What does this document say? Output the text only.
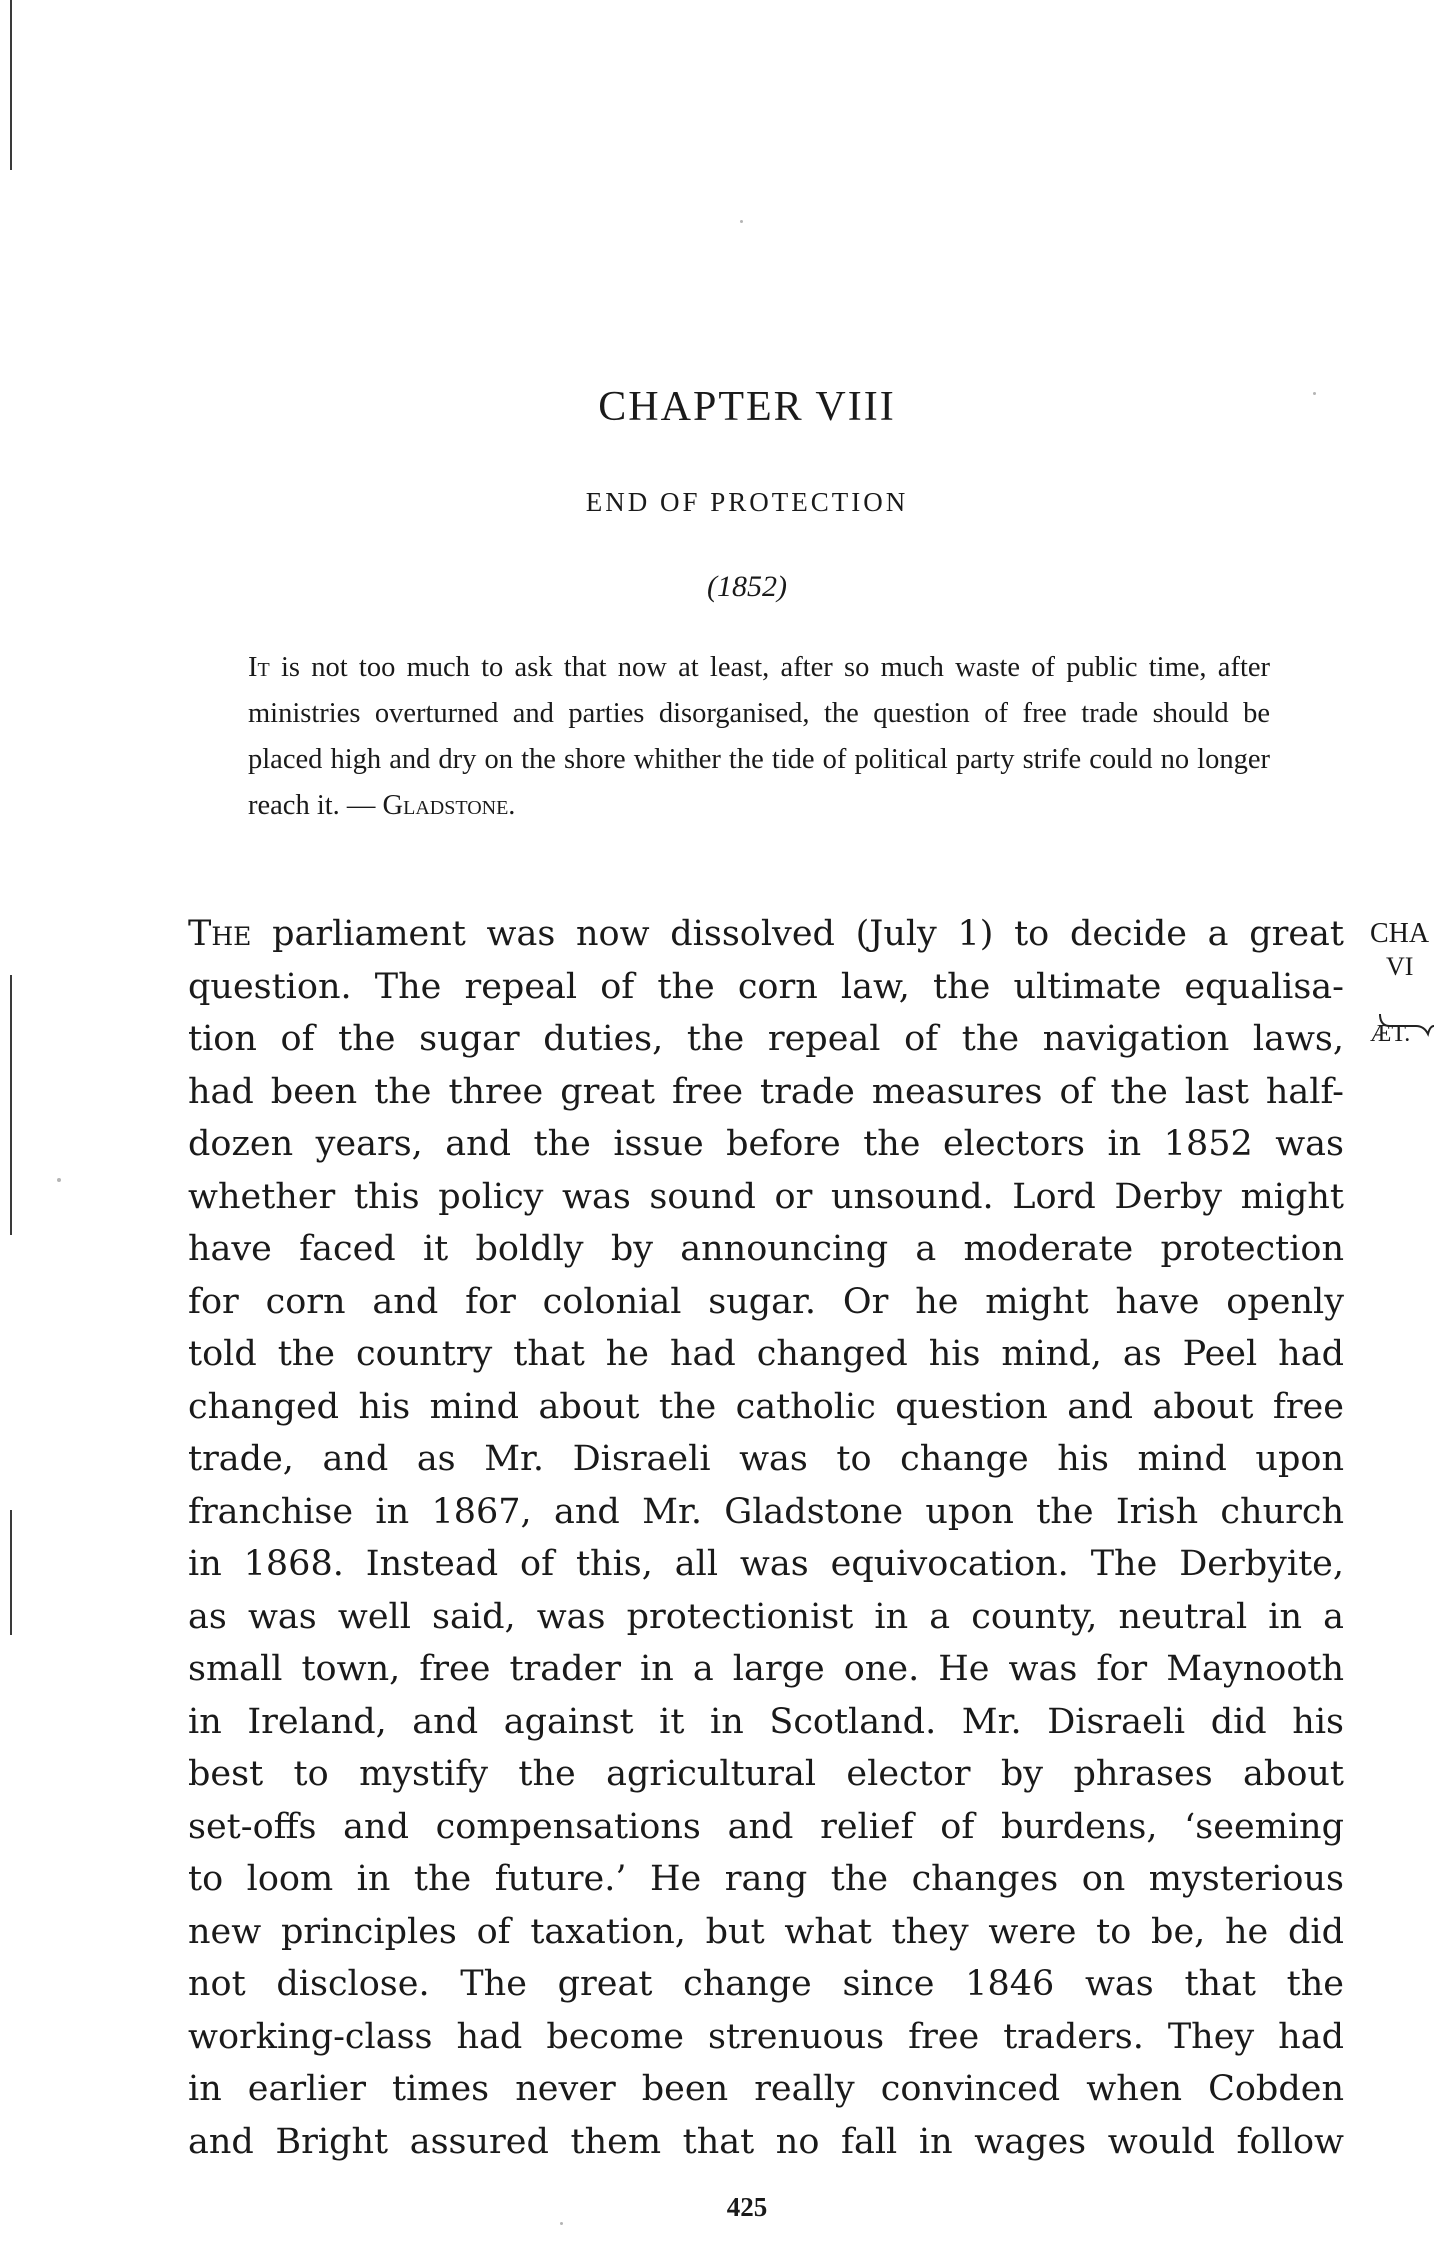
CHAPTER VIII
END OF PROTECTION
(1852)
It is not too much to ask that now at least, after so much waste of public time, after ministries overturned and parties disorganised, the question of free trade should be placed high and dry on the shore whither the tide of political party strife could no longer reach it. — Gladstone.
The parliament was now dissolved (July 1) to decide a great
question. The repeal of the corn law, the ultimate equalisa-
tion of the sugar duties, the repeal of the navigation laws,
had been the three great free trade measures of the last half-
dozen years, and the issue before the electors in 1852 was
whether this policy was sound or unsound. Lord Derby might
have faced it boldly by announcing a moderate protection
for corn and for colonial sugar. Or he might have openly
told the country that he had changed his mind, as Peel had
changed his mind about the catholic question and about free
trade, and as Mr. Disraeli was to change his mind upon
franchise in 1867, and Mr. Gladstone upon the Irish church
in 1868. Instead of this, all was equivocation. The Derbyite,
as was well said, was protectionist in a county, neutral in a
small town, free trader in a large one. He was for Maynooth
in Ireland, and against it in Scotland. Mr. Disraeli did his
best to mystify the agricultural elector by phrases about
set-offs and compensations and relief of burdens, ‘seeming
to loom in the future.’ He rang the changes on mysterious
new principles of taxation, but what they were to be, he did
not disclose. The great change since 1846 was that the
working-class had become strenuous free traders. They had
in earlier times never been really convinced when Cobden
and Bright assured them that no fall in wages would follow
CHA
VI
ÆT.
425
